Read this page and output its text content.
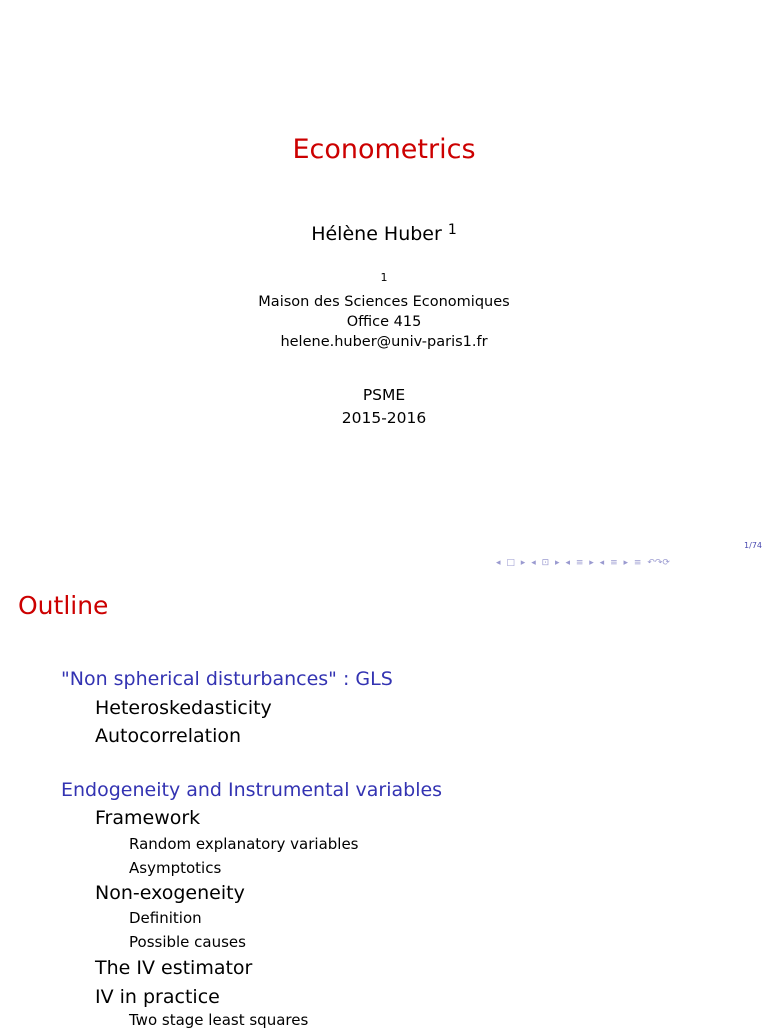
Econometrics
Hélène Huber $^1$
1
Maison des Sciences Economiques
Office 415
helene.huber@univ-paris1.fr
PSME
2015-2016
1/74
◂ □ ▸ ◂ ⊡ ▸ ◂ ≡ ▸ ◂ ≡ ▸ ≡ ↶↷⟳
Outline
"Non spherical disturbances" : GLS
Heteroskedasticity
Autocorrelation
Endogeneity and Instrumental variables
Framework
Random explanatory variables
Asymptotics
Non-exogeneity
Definition
Possible causes
The IV estimator
IV in practice
Two stage least squares
